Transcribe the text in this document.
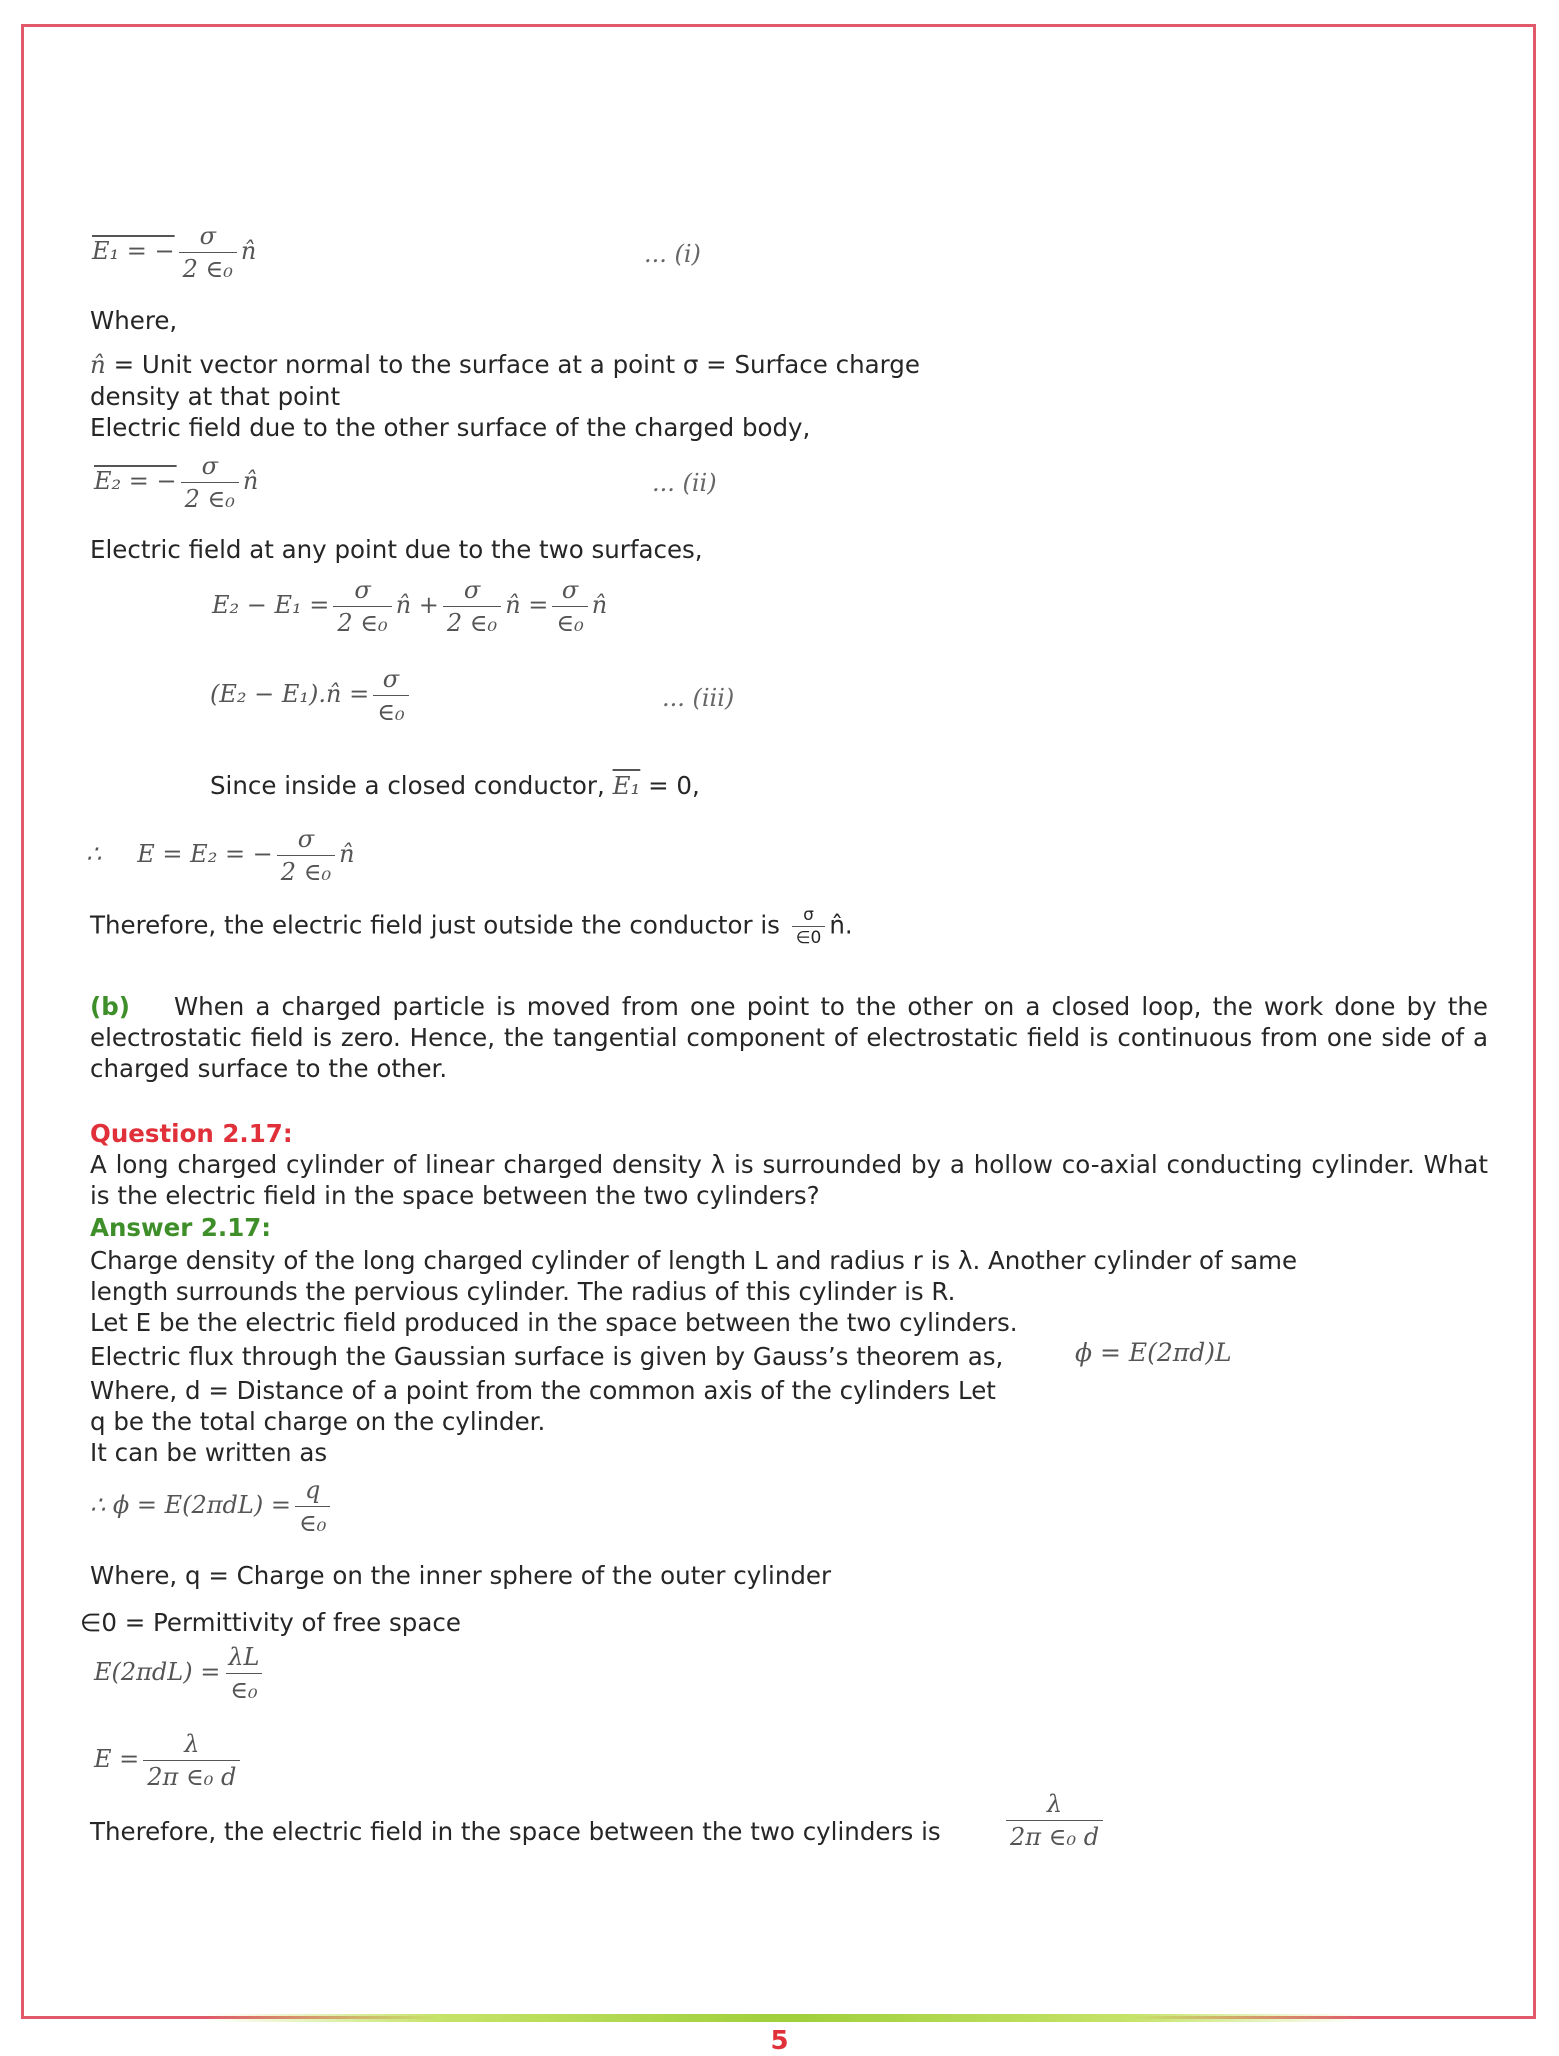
E₁ = − $\frac{\sigma}{\text{2 ∈₀}}$ n̂	... (i)
Where,
n̂ = Unit vector normal to the surface at a point σ = Surface charge
density at that point
Electric field due to the other surface of the charged body,
E₂ = − $\frac{\sigma}{\text{2 ∈₀}}$ n̂	... (ii)
Electric field at any point due to the two surfaces,
$E_2 - E_1 = \frac{\sigma}{\text{2 ∈₀}}$ n̂ + $\frac{\sigma}{\text{2 ∈₀}}$ n̂ = $\frac{\sigma}{\text{∈₀}}$ n̂
(E₂ − E₁).n̂ = $\frac{\sigma}{\text{∈₀}}$	... (iii)
Since inside a closed conductor, E₁ = 0,
∴ E = E₂ = − $\frac{\sigma}{\text{2 ∈₀}}$ n̂
Therefore, the electric field just outside the conductor is $\frac{\sigma}{\in 0}$ n̂.
(b) When a charged particle is moved from one point to the other on a closed loop, the work done by the electrostatic field is zero. Hence, the tangential component of electrostatic field is continuous from one side of a charged surface to the other.
Question 2.17:
A long charged cylinder of linear charged density λ is surrounded by a hollow co-axial conducting cylinder. What is the electric field in the space between the two cylinders?
Answer 2.17:
Charge density of the long charged cylinder of length L and radius r is λ. Another cylinder of same
length surrounds the pervious cylinder. The radius of this cylinder is R.
Let E be the electric field produced in the space between the two cylinders.
Electric flux through the Gaussian surface is given by Gauss’s theorem as,	ϕ = E(2πd)L
Where, d = Distance of a point from the common axis of the cylinders Let
q be the total charge on the cylinder.
It can be written as
∴ $\phi = E(2\pi dL) = \frac{q}{\text{∈₀}}$
Where, q = Charge on the inner sphere of the outer cylinder
∈0 = Permittivity of free space
$E(2\pi dL) = \frac{\lambda L}{\text{∈₀}}$
$E = \frac{\lambda}{\text{2π ∈₀ d}}$
Therefore, the electric field in the space between the two cylinders is	$\frac{\lambda}{\text{2π ∈₀ d}}$
5
